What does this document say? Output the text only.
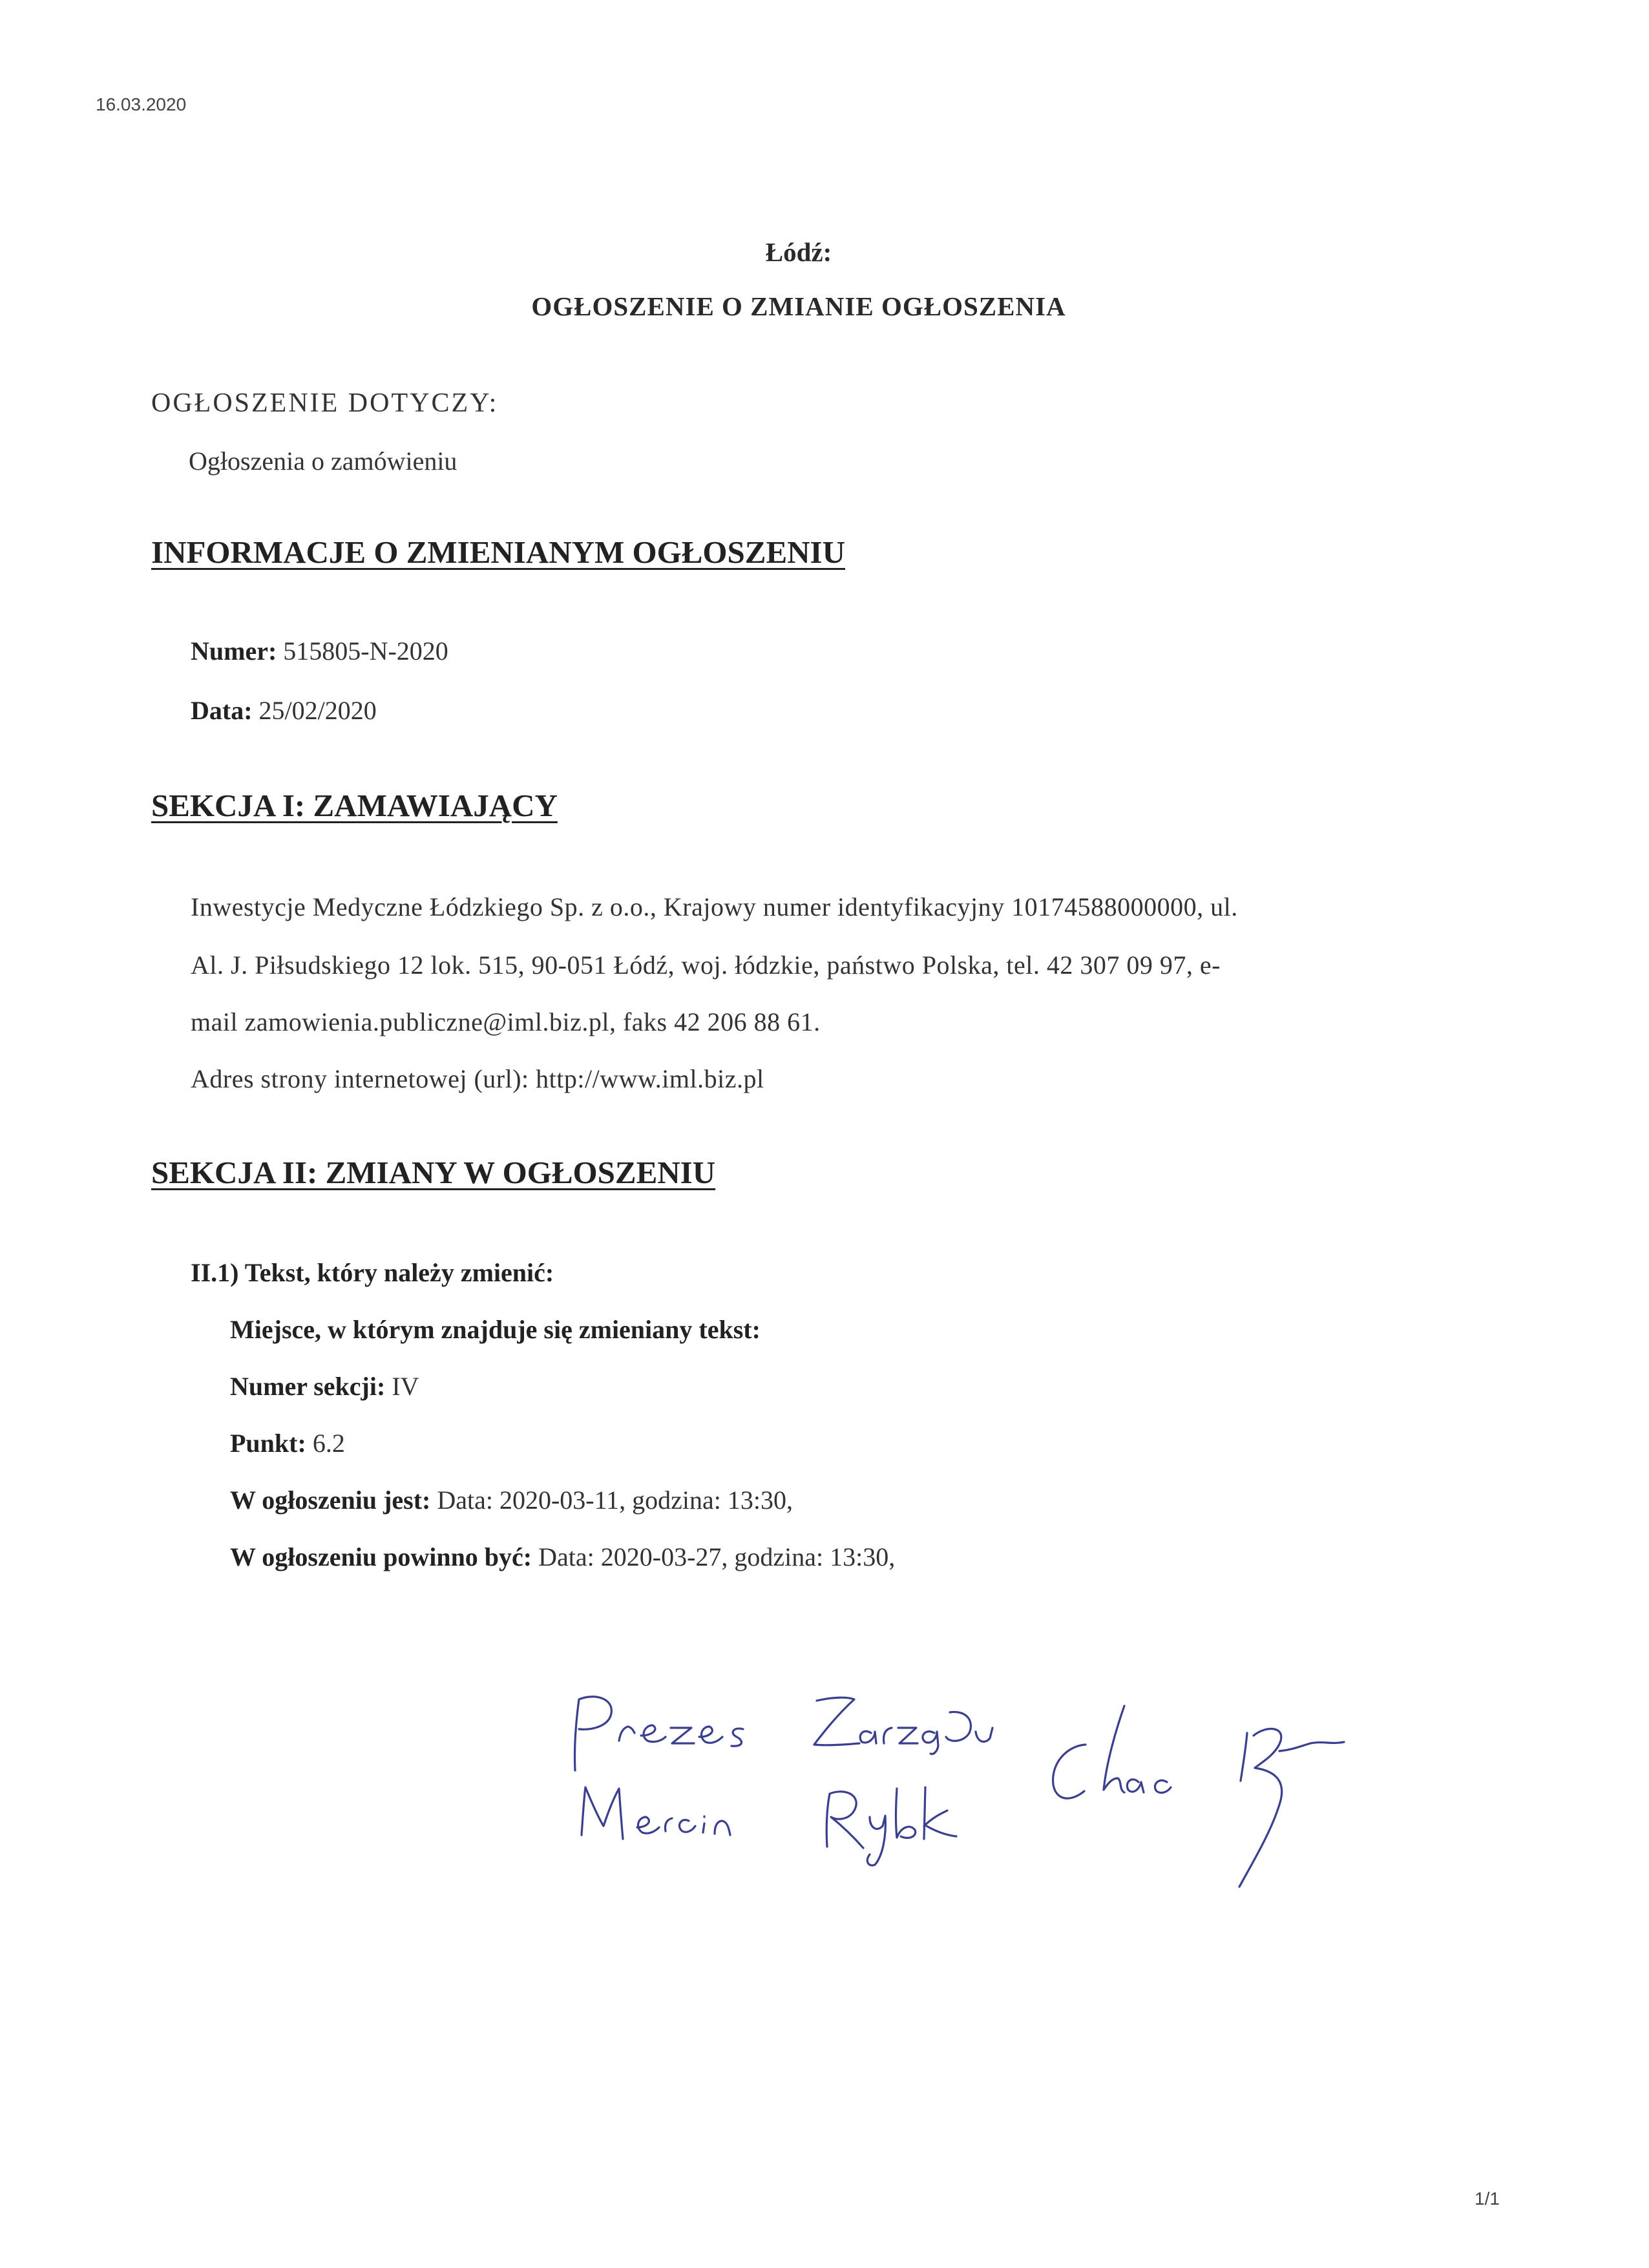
16.03.2020
Łódź:
OGŁOSZENIE O ZMIANIE OGŁOSZENIA
OGŁOSZENIE DOTYCZY:
Ogłoszenia o zamówieniu
INFORMACJE O ZMIENIANYM OGŁOSZENIU
Numer: 515805-N-2020
Data: 25/02/2020
SEKCJA I: ZAMAWIAJĄCY
Inwestycje Medyczne Łódzkiego Sp. z o.o., Krajowy numer identyfikacyjny 10174588000000, ul.
Al. J. Piłsudskiego 12 lok. 515, 90-051 Łódź, woj. łódzkie, państwo Polska, tel. 42 307 09 97, e-
mail zamowienia.publiczne@iml.biz.pl, faks 42 206 88 61.
Adres strony internetowej (url): http://www.iml.biz.pl
SEKCJA II: ZMIANY W OGŁOSZENIU
II.1) Tekst, który należy zmienić:
Miejsce, w którym znajduje się zmieniany tekst:
Numer sekcji: IV
Punkt: 6.2
W ogłoszeniu jest: Data: 2020-03-11, godzina: 13:30,
W ogłoszeniu powinno być: Data: 2020-03-27, godzina: 13:30,
1/1
